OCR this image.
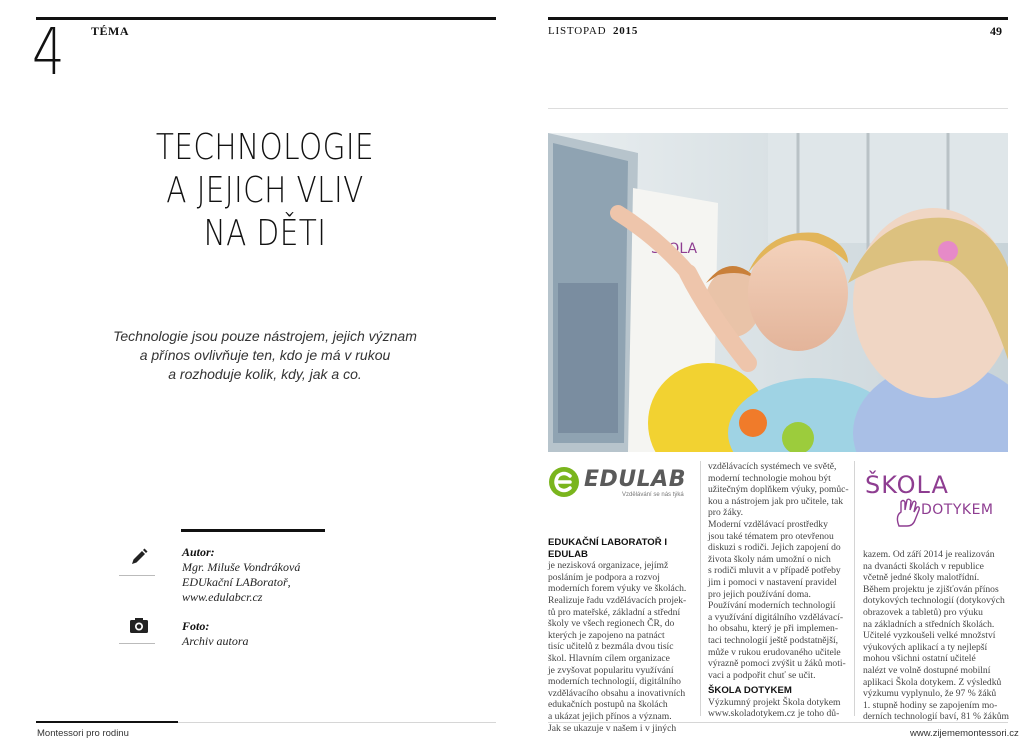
4 TÉMA
TECHNOLOGIE
A JEJICH VLIV
NA DĚTI
Technologie jsou pouze nástrojem, jejich význam
a přínos ovlivňuje ten, kdo je má v rukou
a rozhoduje kolik, kdy, jak a co.
Autor:
Mgr. Miluše Vondráková
EDUkační LABoratoř,
www.edulabcr.cz
Foto:
Archiv autora
Montessori pro rodinu
LISTOPAD 2015	49
ŠKOLA
EDULAB
Vzdělávání se nás týká

EDUKAČNÍ LABORATOŘ I EDULAB

je nezisková organizace, jejímž

posláním je podpora a rozvoj

moderních forem výuky ve školách.

Realizuje řadu vzdělávacích projek-

tů pro mateřské, základní a střední

školy ve všech regionech ČR, do

kterých je zapojeno na patnáct

tisíc učitelů z bezmála dvou tisíc

škol. Hlavním cílem organizace

je zvyšovat popularitu využívání

moderních technologií, digitálního

vzdělávacího obsahu a inovativních

edukačních postupů na školách

a ukázat jejich přínos a význam.

Jak se ukazuje v našem i v jiných

vzdělávacích systémech ve světě,

moderní technologie mohou být

užitečným doplňkem výuky, pomůc-

kou a nástrojem jak pro učitele, tak

pro žáky.

Moderní vzdělávací prostředky

jsou také tématem pro otevřenou

diskuzi s rodiči. Jejich zapojení do

života školy nám umožní o nich

s rodiči mluvit a v případě potřeby

jim i pomoci v nastavení pravidel

pro jejich používání doma.

Používání moderních technologií

a využívání digitálního vzdělávací-

ho obsahu, který je při implemen-

taci technologií ještě podstatnější,

může v rukou erudovaného učitele

výrazně pomoci zvýšit u žáků moti-

vaci a podpořit chuť se učit.

ŠKOLA DOTYKEM

Výzkumný projekt Škola dotykem

www.skoladotykem.cz je toho dů-

ŠKOLA
DOTYKEM

kazem. Od září 2014 je realizován

na dvanácti školách v republice

včetně jedné školy malotřídní.

Během projektu je zjišťován přínos

dotykových technologií (dotykových

obrazovek a tabletů) pro výuku

na základních a středních školách.

Učitelé vyzkoušeli velké množství

výukových aplikací a ty nejlepší

mohou všichni ostatní učitelé

nalézt ve volně dostupné mobilní

aplikaci Škola dotykem. Z výsledků

výzkumu vyplynulo, že 97 % žáků

1. stupně hodiny se zapojením mo-

derních technologií baví, 81 % žákům

www.zijememontessori.cz
